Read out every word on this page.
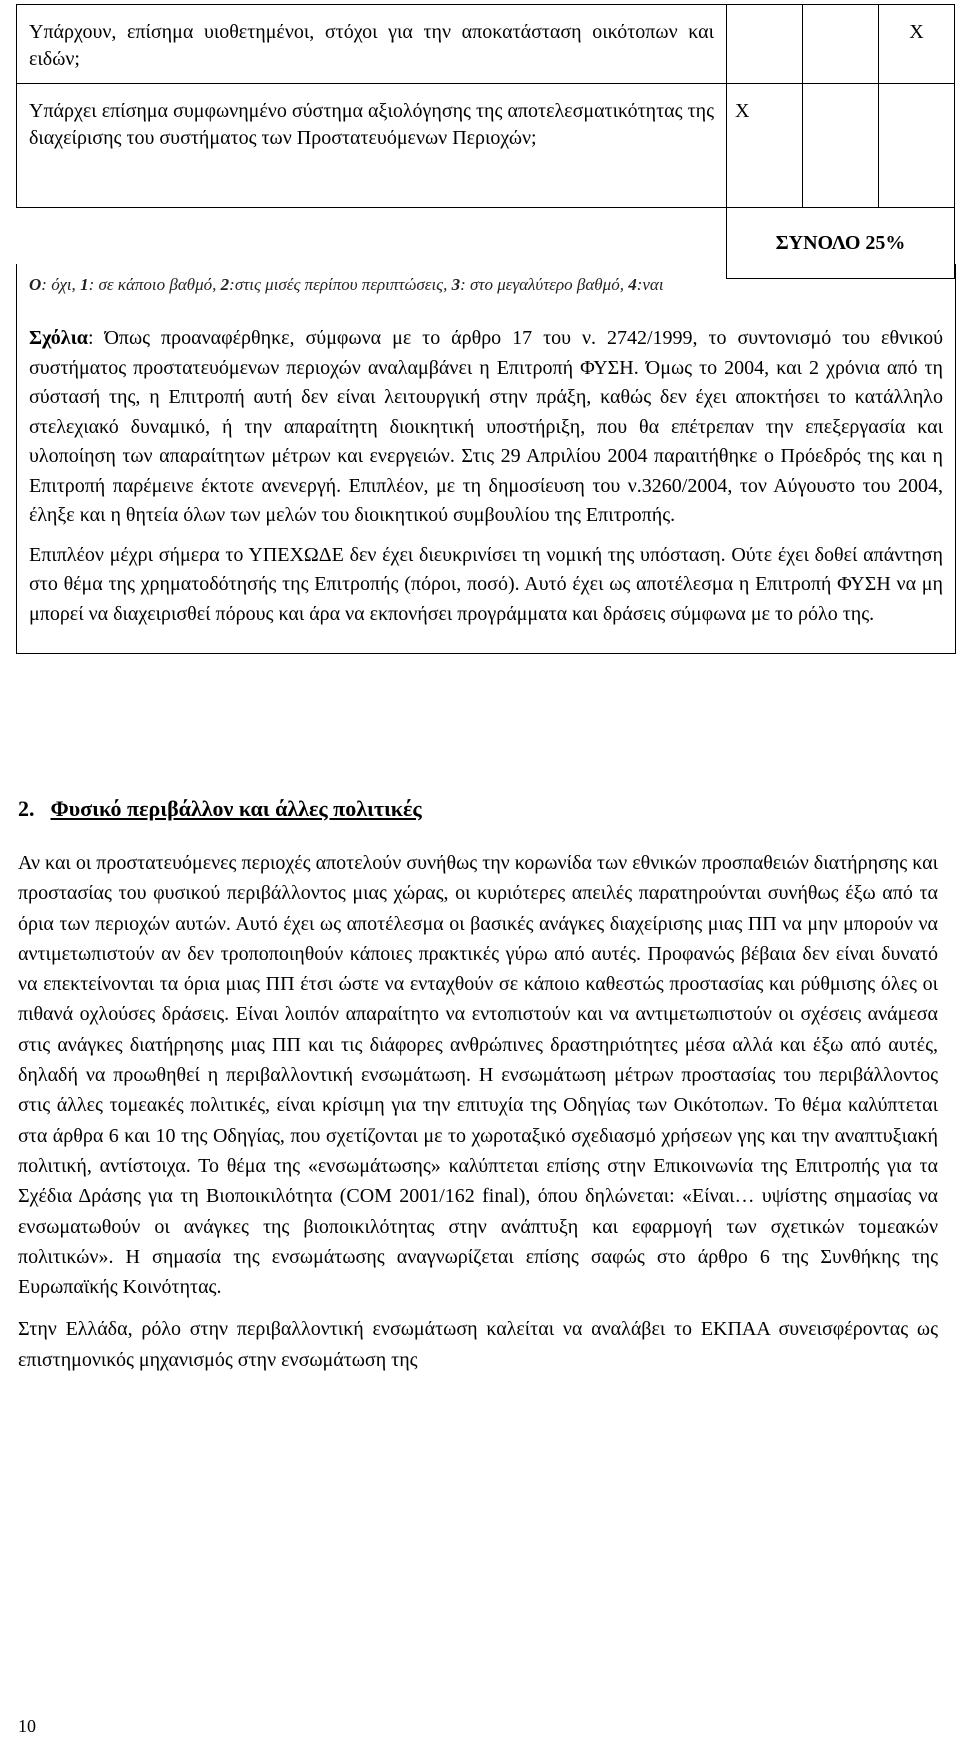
Υπάρχουν, επίσημα υιοθετημένοι, στόχοι για την αποκατάσταση οικότοπων και ειδών;			X
Υπάρχει επίσημα συμφωνημένο σύστημα αξιολόγησης της αποτελεσματικότητας της διαχείρισης του συστήματος των Προστατευόμενων Περιοχών;	X		
	ΣΥΝΟΛΟ 25%		
O: όχι, 1: σε κάποιο βαθμό, 2:στις μισές περίπου περιπτώσεις, 3: στο μεγαλύτερο βαθμό, 4:ναι

Σχόλια: Όπως προαναφέρθηκε, σύμφωνα με το άρθρο 17 του ν. 2742/1999, το συντονισμό του εθνικού συστήματος προστατευόμενων περιοχών αναλαμβάνει η Επιτροπή ΦΥΣΗ. Όμως το 2004, και 2 χρόνια από τη σύστασή της, η Επιτροπή αυτή δεν είναι λειτουργική στην πράξη, καθώς δεν έχει αποκτήσει το κατάλληλο στελεχιακό δυναμικό, ή την απαραίτητη διοικητική υποστήριξη, που θα επέτρεπαν την επεξεργασία και υλοποίηση των απαραίτητων μέτρων και ενεργειών. Στις 29 Απριλίου 2004 παραιτήθηκε ο Πρόεδρός της και η Επιτροπή παρέμεινε έκτοτε ανενεργή. Επιπλέον, με τη δημοσίευση του ν.3260/2004, τον Αύγουστο του 2004, έληξε και η θητεία όλων των μελών του διοικητικού συμβουλίου της Επιτροπής.

Επιπλέον μέχρι σήμερα το ΥΠΕΧΩΔΕ δεν έχει διευκρινίσει τη νομική της υπόσταση. Ούτε έχει δοθεί απάντηση στο θέμα της χρηματοδότησής της Επιτροπής (πόροι, ποσό). Αυτό έχει ως αποτέλεσμα η Επιτροπή ΦΥΣΗ να μη μπορεί να διαχειρισθεί πόρους και άρα να εκπονήσει προγράμματα και δράσεις σύμφωνα με το ρόλο της.

2. Φυσικό περιβάλλον και άλλες πολιτικές

Αν και οι προστατευόμενες περιοχές αποτελούν συνήθως την κορωνίδα των εθνικών προσπαθειών διατήρησης και προστασίας του φυσικού περιβάλλοντος μιας χώρας, οι κυριότερες απειλές παρατηρούνται συνήθως έξω από τα όρια των περιοχών αυτών. Αυτό έχει ως αποτέλεσμα οι βασικές ανάγκες διαχείρισης μιας ΠΠ να μην μπορούν να αντιμετωπιστούν αν δεν τροποποιηθούν κάποιες πρακτικές γύρω από αυτές. Προφανώς βέβαια δεν είναι δυνατό να επεκτείνονται τα όρια μιας ΠΠ έτσι ώστε να ενταχθούν σε κάποιο καθεστώς προστασίας και ρύθμισης όλες οι πιθανά οχλούσες δράσεις. Είναι λοιπόν απαραίτητο να εντοπιστούν και να αντιμετωπιστούν οι σχέσεις ανάμεσα στις ανάγκες διατήρησης μιας ΠΠ και τις διάφορες ανθρώπινες δραστηριότητες μέσα αλλά και έξω από αυτές, δηλαδή να προωθηθεί η περιβαλλοντική ενσωμάτωση. Η ενσωμάτωση μέτρων προστασίας του περιβάλλοντος στις άλλες τομεακές πολιτικές, είναι κρίσιμη για την επιτυχία της Οδηγίας των Οικότοπων. Το θέμα καλύπτεται στα άρθρα 6 και 10 της Οδηγίας, που σχετίζονται με το χωροταξικό σχεδιασμό χρήσεων γης και την αναπτυξιακή πολιτική, αντίστοιχα. Το θέμα της «ενσωμάτωσης» καλύπτεται επίσης στην Επικοινωνία της Επιτροπής για τα Σχέδια Δράσης για τη Βιοποικιλότητα (COM 2001/162 final), όπου δηλώνεται: «Είναι… υψίστης σημασίας να ενσωματωθούν οι ανάγκες της βιοποικιλότητας στην ανάπτυξη και εφαρμογή των σχετικών τομεακών πολιτικών». Η σημασία της ενσωμάτωσης αναγνωρίζεται επίσης σαφώς στο άρθρο 6 της Συνθήκης της Ευρωπαϊκής Κοινότητας.

Στην Ελλάδα, ρόλο στην περιβαλλοντική ενσωμάτωση καλείται να αναλάβει το ΕΚΠΑΑ συνεισφέροντας ως επιστημονικός μηχανισμός στην ενσωμάτωση της

10
